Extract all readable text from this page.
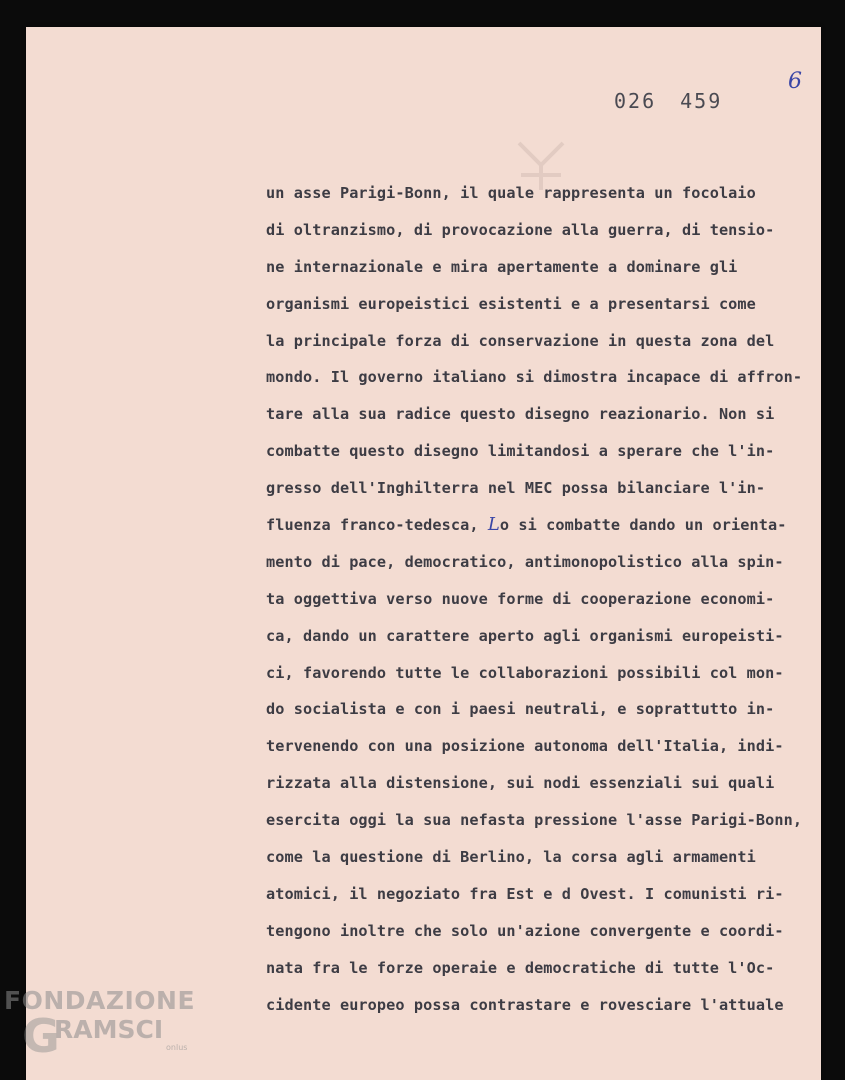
026 459
6
un asse Parigi-Bonn, il quale rappresenta un focolaio
di oltranzismo, di provocazione alla guerra, di tensio-
ne internazionale e mira apertamente a dominare gli
organismi europeistici esistenti e a presentarsi come
la principale forza di conservazione in questa zona del
mondo. Il governo italiano si dimostra incapace di affron-
tare alla sua radice questo disegno reazionario. Non si
combatte questo disegno limitandosi a sperare che l'in-
gresso dell'Inghilterra nel MEC possa bilanciare l'in-
fluenza franco-tedesca, Lo si combatte dando un orienta-
mento di pace, democratico, antimonopolistico alla spin-
ta oggettiva verso nuove forme di cooperazione economi-
ca, dando un carattere aperto agli organismi europeisti-
ci, favorendo tutte le collaborazioni possibili col mon-
do socialista e con i paesi neutrali, e soprattutto in-
tervenendo con una posizione autonoma dell'Italia, indi-
rizzata alla distensione, sui nodi essenziali sui quali
esercita oggi la sua nefasta pressione l'asse Parigi-Bonn,
come la questione di Berlino, la corsa agli armamenti
atomici, il negoziato fra Est e d Ovest. I comunisti ri-
tengono inoltre che solo un'azione convergente e coordi-
nata fra le forze operaie e democratiche di tutte l'Oc-
cidente europeo possa contrastare e rovesciare l'attuale
FONDAZIONE
G
RAMSCI
onlus
